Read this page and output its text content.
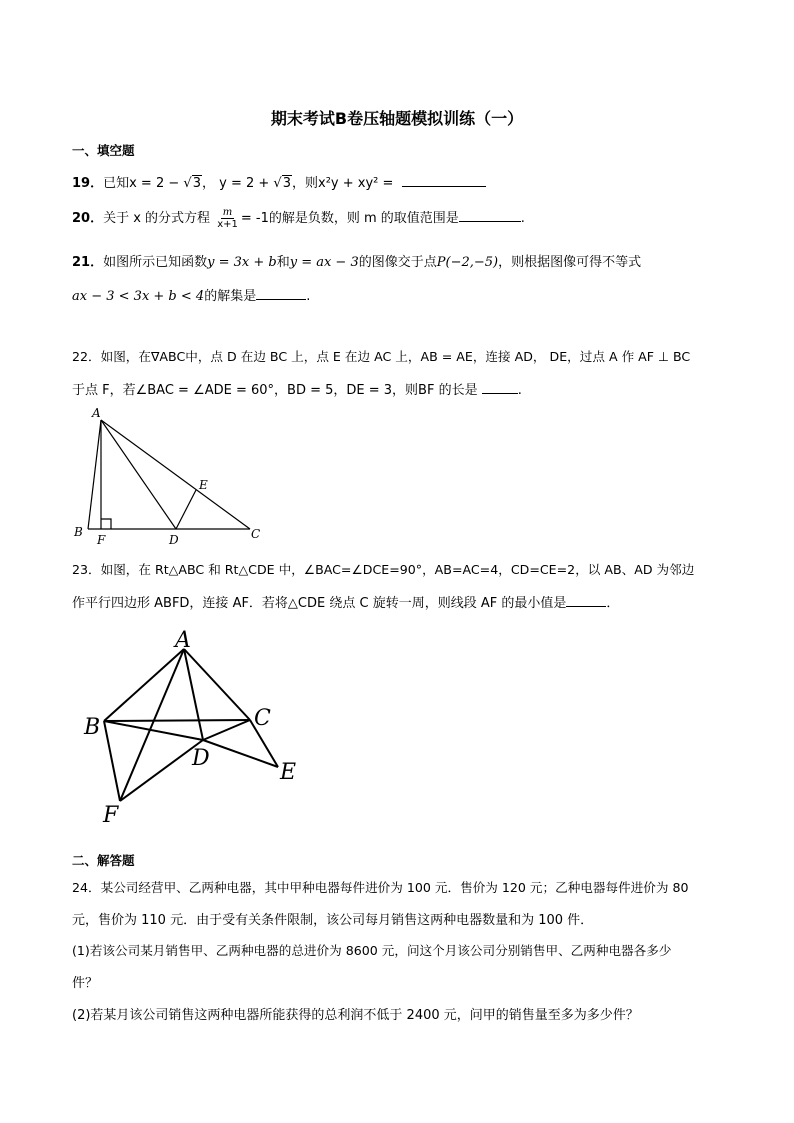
期末考试B卷压轴题模拟训练（一）
一、填空题
19．已知x = 2 − √3， y = 2 + √3，则x²y + xy² =
20．关于 x 的分式方程 $\frac{m}{x+1} = -1$的解是负数，则 m 的取值范围是	.
21．如图所示已知函数y = 3x + b和y = ax − 3的图像交于点P(−2,−5)，则根据图像可得不等式
ax − 3 < 3x + b < 4的解集是	.
22．如图，在∇ABC中，点 D 在边 BC 上，点 E 在边 AC 上，AB = AE，连接 AD， DE，过点 A 作 AF ⊥ BC
于点 F，若∠BAC = ∠ADE = 60°，BD = 5，DE = 3，则BF 的长是	.
A
B
F	D
E
C
23．如图，在 Rt△ABC 和 Rt△CDE 中，∠BAC=∠DCE=90°，AB=AC=4，CD=CE=2，以 AB、AD 为邻边
作平行四边形 ABFD，连接 AF．若将△CDE 绕点 C 旋转一周，则线段 AF 的最小值是	．
A
B	C
D
E
F
二、解答题
24．某公司经营甲、乙两种电器，其中甲种电器每件进价为 100 元．售价为 120 元；乙种电器每件进价为 80
元，售价为 110 元．由于受有关条件限制，该公司每月销售这两种电器数量和为 100 件．
(1)若该公司某月销售甲、乙两种电器的总进价为 8600 元，问这个月该公司分别销售甲、乙两种电器各多少
件？
(2)若某月该公司销售这两种电器所能获得的总利润不低于 2400 元，问甲的销售量至多为多少件？
